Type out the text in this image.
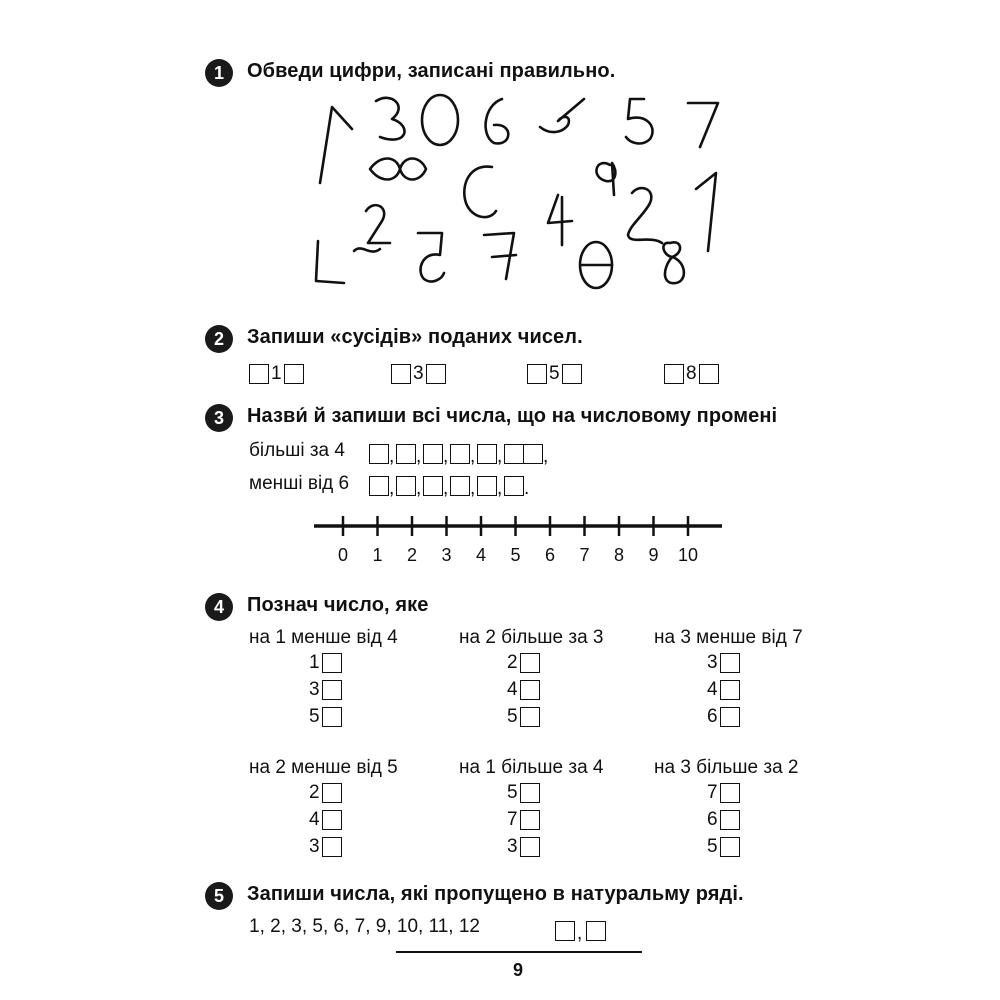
1	Обведи цифри, записані правильно.
2	Запиши «сусідів» поданих чисел.
1	3	5	8
3	Назви́ й запиши всі числа, що на числовому промені
більші за 4 , , , , , ,
менші від 6 , , , , , .
0	1	2	3	4	5	6	7	8	9	10
4	Познач число, яке
на 1 менше від 4
1
3
5
на 2 більше за 3
2
4
5
на 3 менше від 7
3
4
6
на 2 менше від 5
2
4
3
на 1 більше за 4
5
7
3
на 3 більше за 2
7
6
5
5	Запиши числа, які пропущено в натуральму ряді.
1, 2, 3, 5, 6, 7, 9, 10, 11, 12	,
9
